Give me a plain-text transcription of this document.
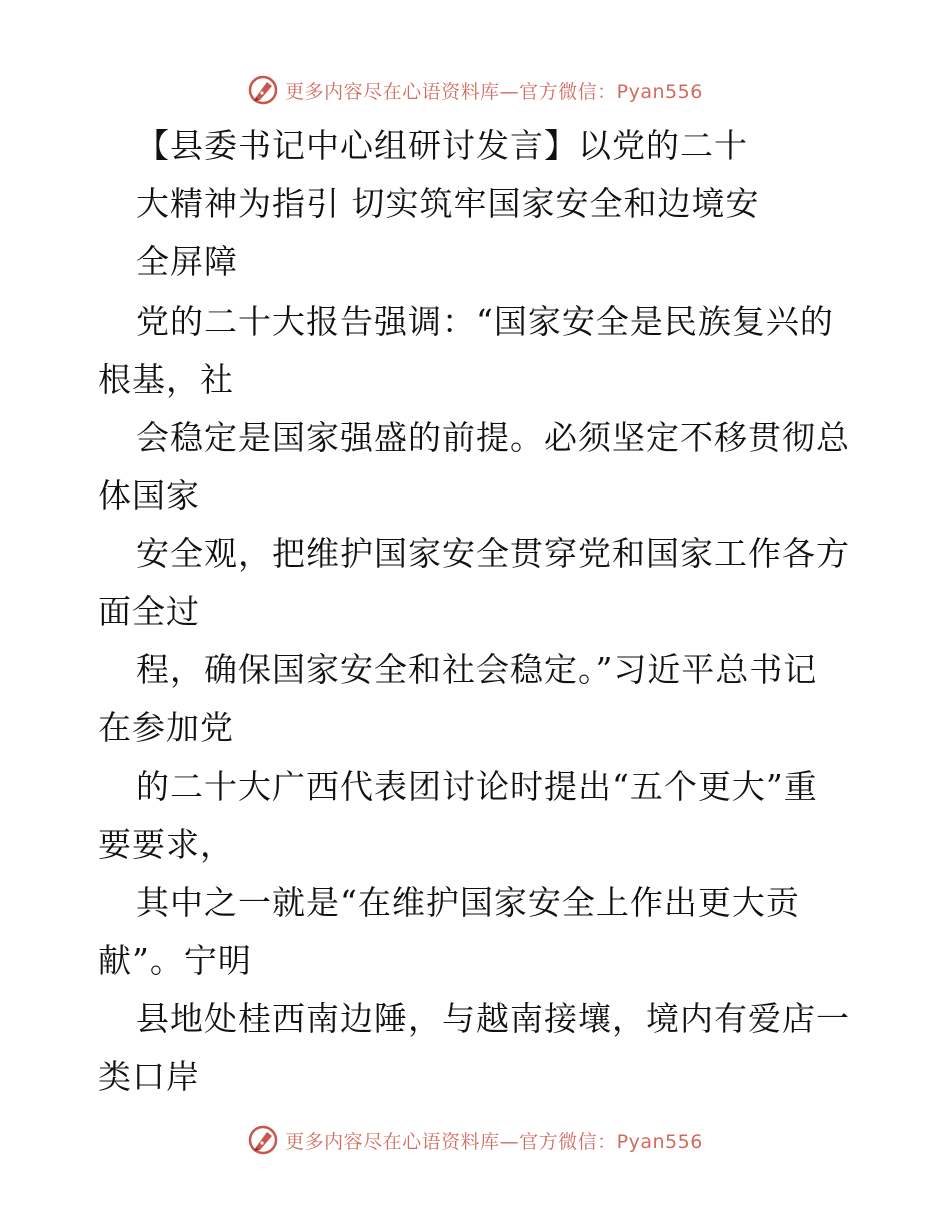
更多内容尽在心语资料库—官方微信：Pyan556
【县委书记中心组研讨发言】以党的二十
大精神为指引 切实筑牢国家安全和边境安
全屏障
党的二十大报告强调：“国家安全是民族复兴的
根基，社
会稳定是国家强盛的前提。必须坚定不移贯彻总
体国家
安全观，把维护国家安全贯穿党和国家工作各方
面全过
程，确保国家安全和社会稳定。”习近平总书记
在参加党
的二十大广西代表团讨论时提出“五个更大”重
要要求，
其中之一就是“在维护国家安全上作出更大贡
献”。宁明
县地处桂西南边陲，与越南接壤，境内有爱店一
类口岸
更多内容尽在心语资料库—官方微信：Pyan556
